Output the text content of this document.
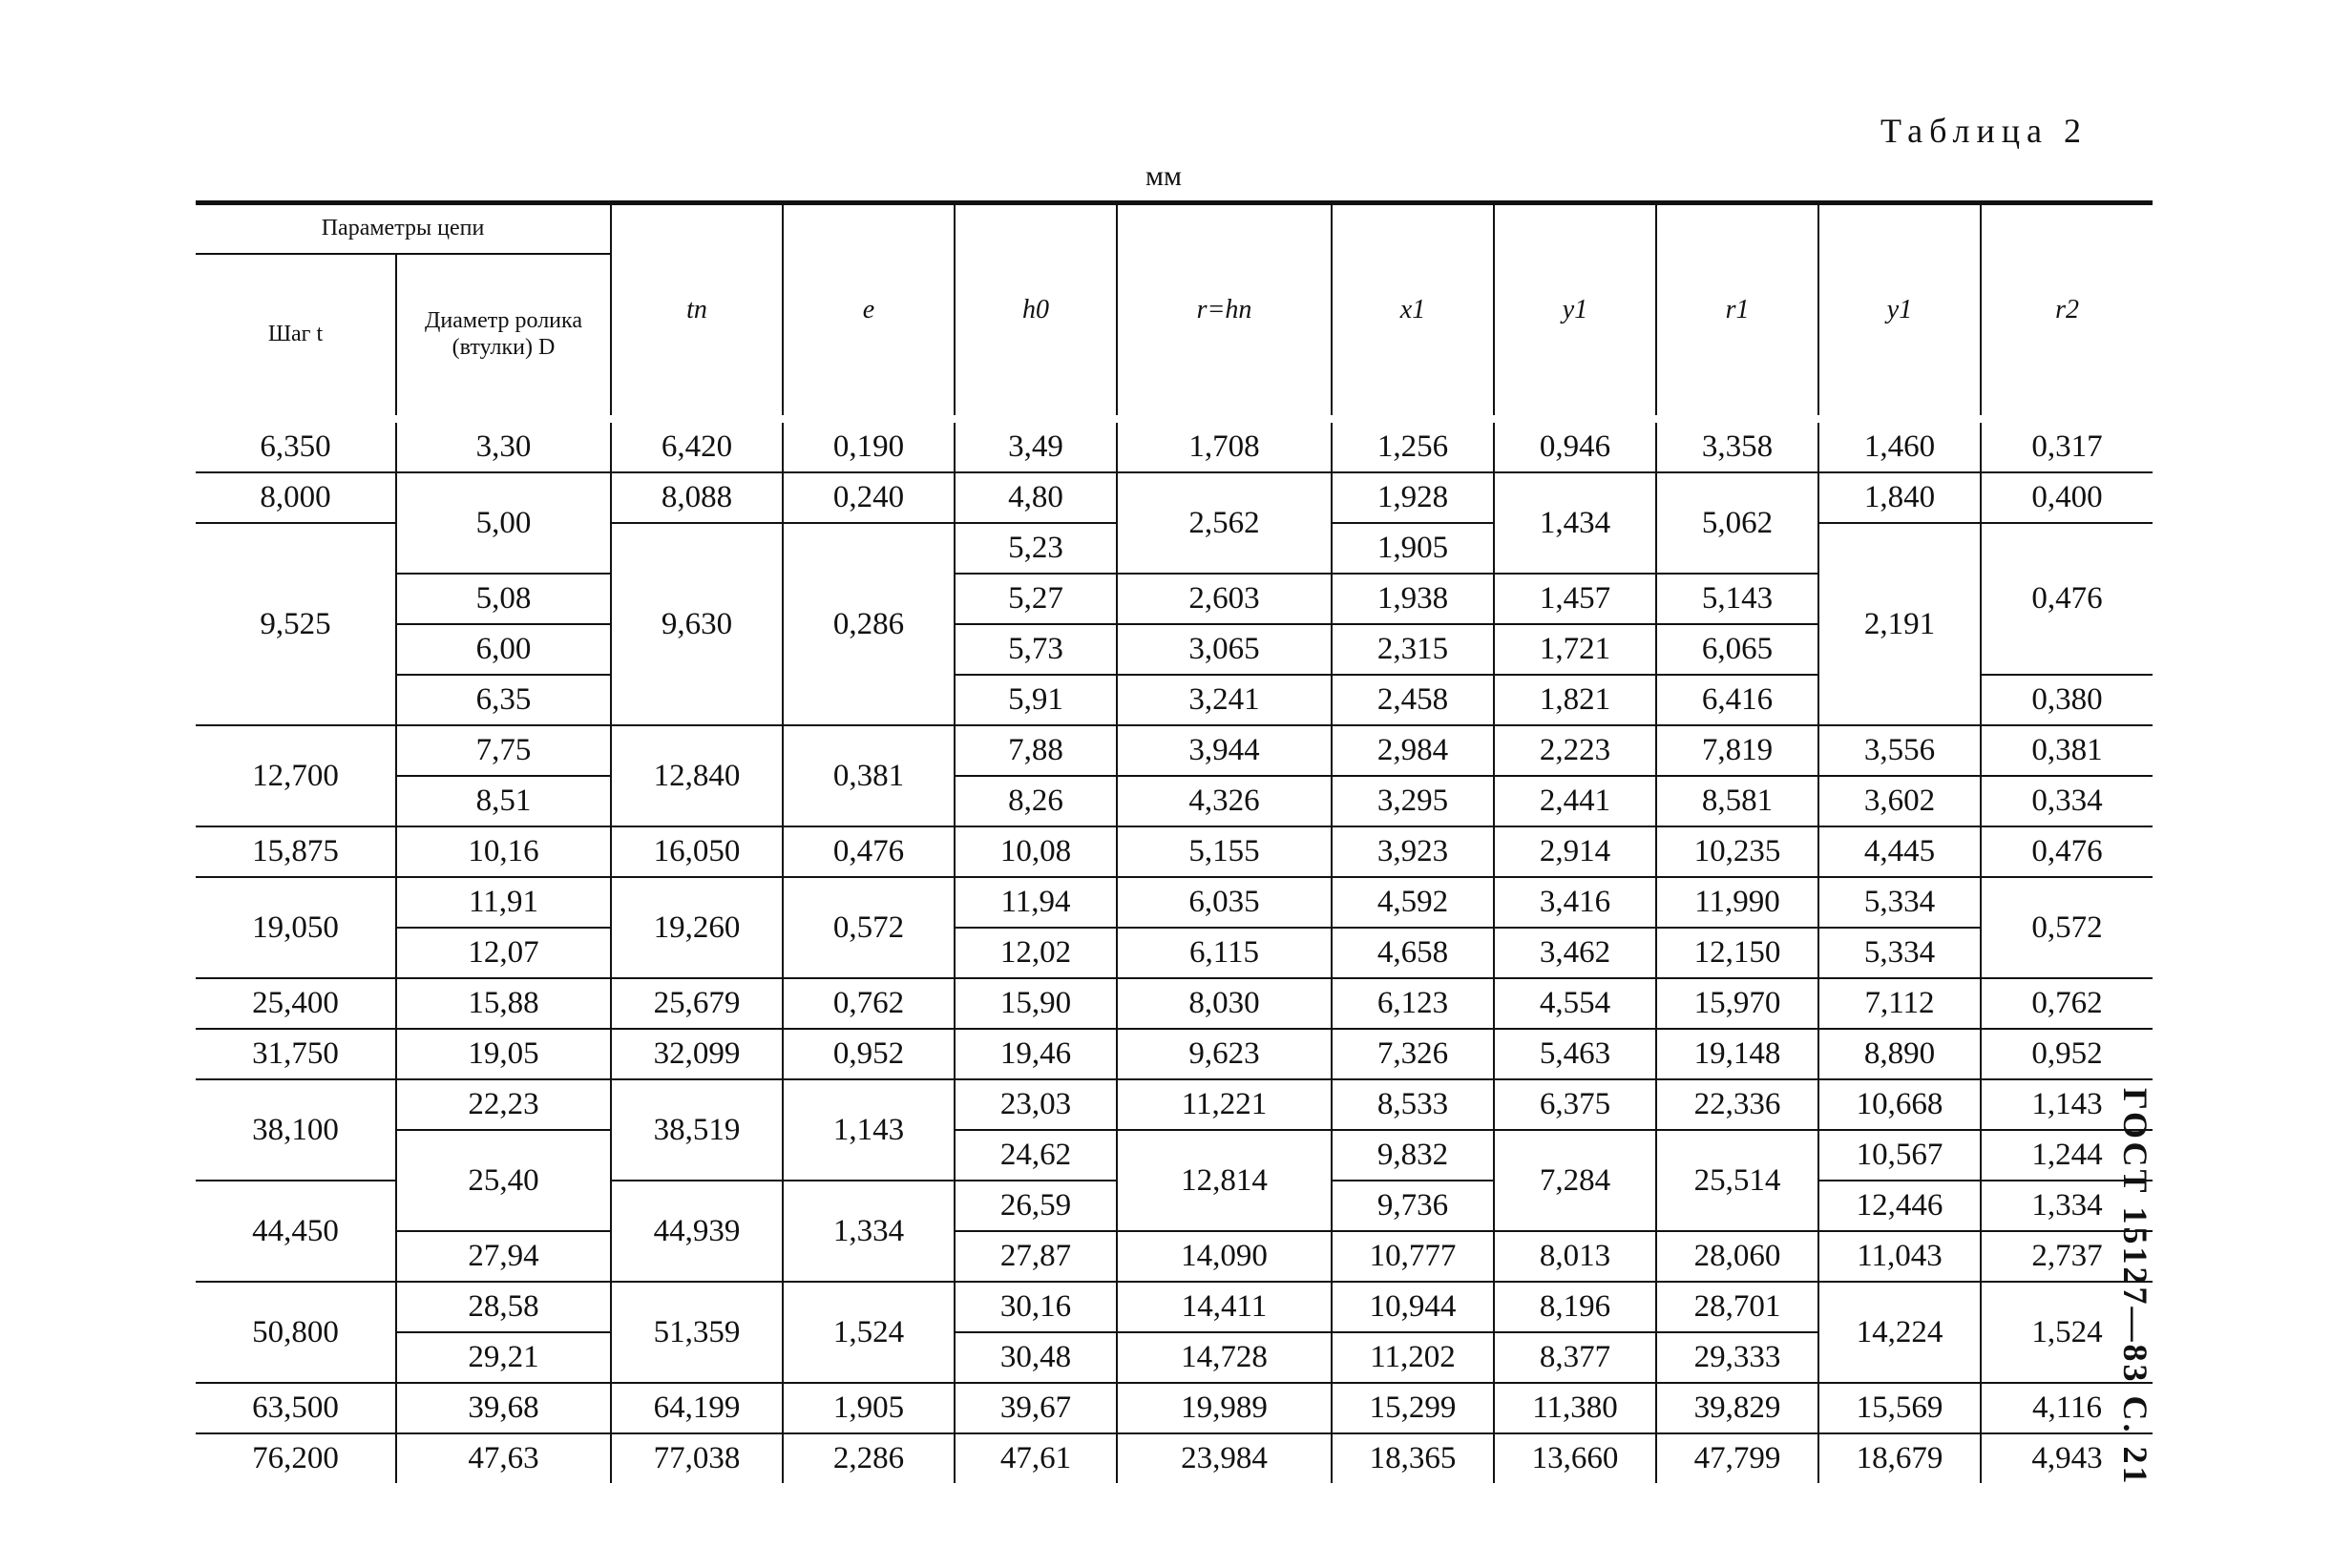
Таблица 2
мм
ГОСТ 15127—83 С. 21
Параметры цепи		tn	e	h0	r=hn	x1	y1	r1	y1	r2
Шаг t	Диаметр ролика (втулки) D									
6,350	3,30	6,420	0,190	3,49	1,708	1,256	0,946	3,358	1,460	0,317
8,000	5,00	8,088	0,240	4,80	2,562	1,928	1,434	5,062	1,840	0,400
9,525		9,630	0,286	5,23		1,905			2,191	0,476
	5,08			5,27	2,603	1,938	1,457	5,143		
	6,00			5,73	3,065	2,315	1,721	6,065		
	6,35			5,91	3,241	2,458	1,821	6,416		0,380
12,700	7,75	12,840	0,381	7,88	3,944	2,984	2,223	7,819	3,556	0,381
	8,51			8,26	4,326	3,295	2,441	8,581	3,602	0,334
15,875	10,16	16,050	0,476	10,08	5,155	3,923	2,914	10,235	4,445	0,476
19,050	11,91	19,260	0,572	11,94	6,035	4,592	3,416	11,990	5,334	0,572
	12,07			12,02	6,115	4,658	3,462	12,150	5,334	
25,400	15,88	25,679	0,762	15,90	8,030	6,123	4,554	15,970	7,112	0,762
31,750	19,05	32,099	0,952	19,46	9,623	7,326	5,463	19,148	8,890	0,952
38,100	22,23	38,519	1,143	23,03	11,221	8,533	6,375	22,336	10,668	1,143
	25,40			24,62	12,814	9,832	7,284	25,514	10,567	1,244
44,450		44,939	1,334	26,59		9,736			12,446	1,334
	27,94			27,87	14,090	10,777	8,013	28,060	11,043	2,737
50,800	28,58	51,359	1,524	30,16	14,411	10,944	8,196	28,701	14,224	1,524
	29,21			30,48	14,728	11,202	8,377	29,333		
63,500	39,68	64,199	1,905	39,67	19,989	15,299	11,380	39,829	15,569	4,116
76,200	47,63	77,038	2,286	47,61	23,984	18,365	13,660	47,799	18,679	4,943
